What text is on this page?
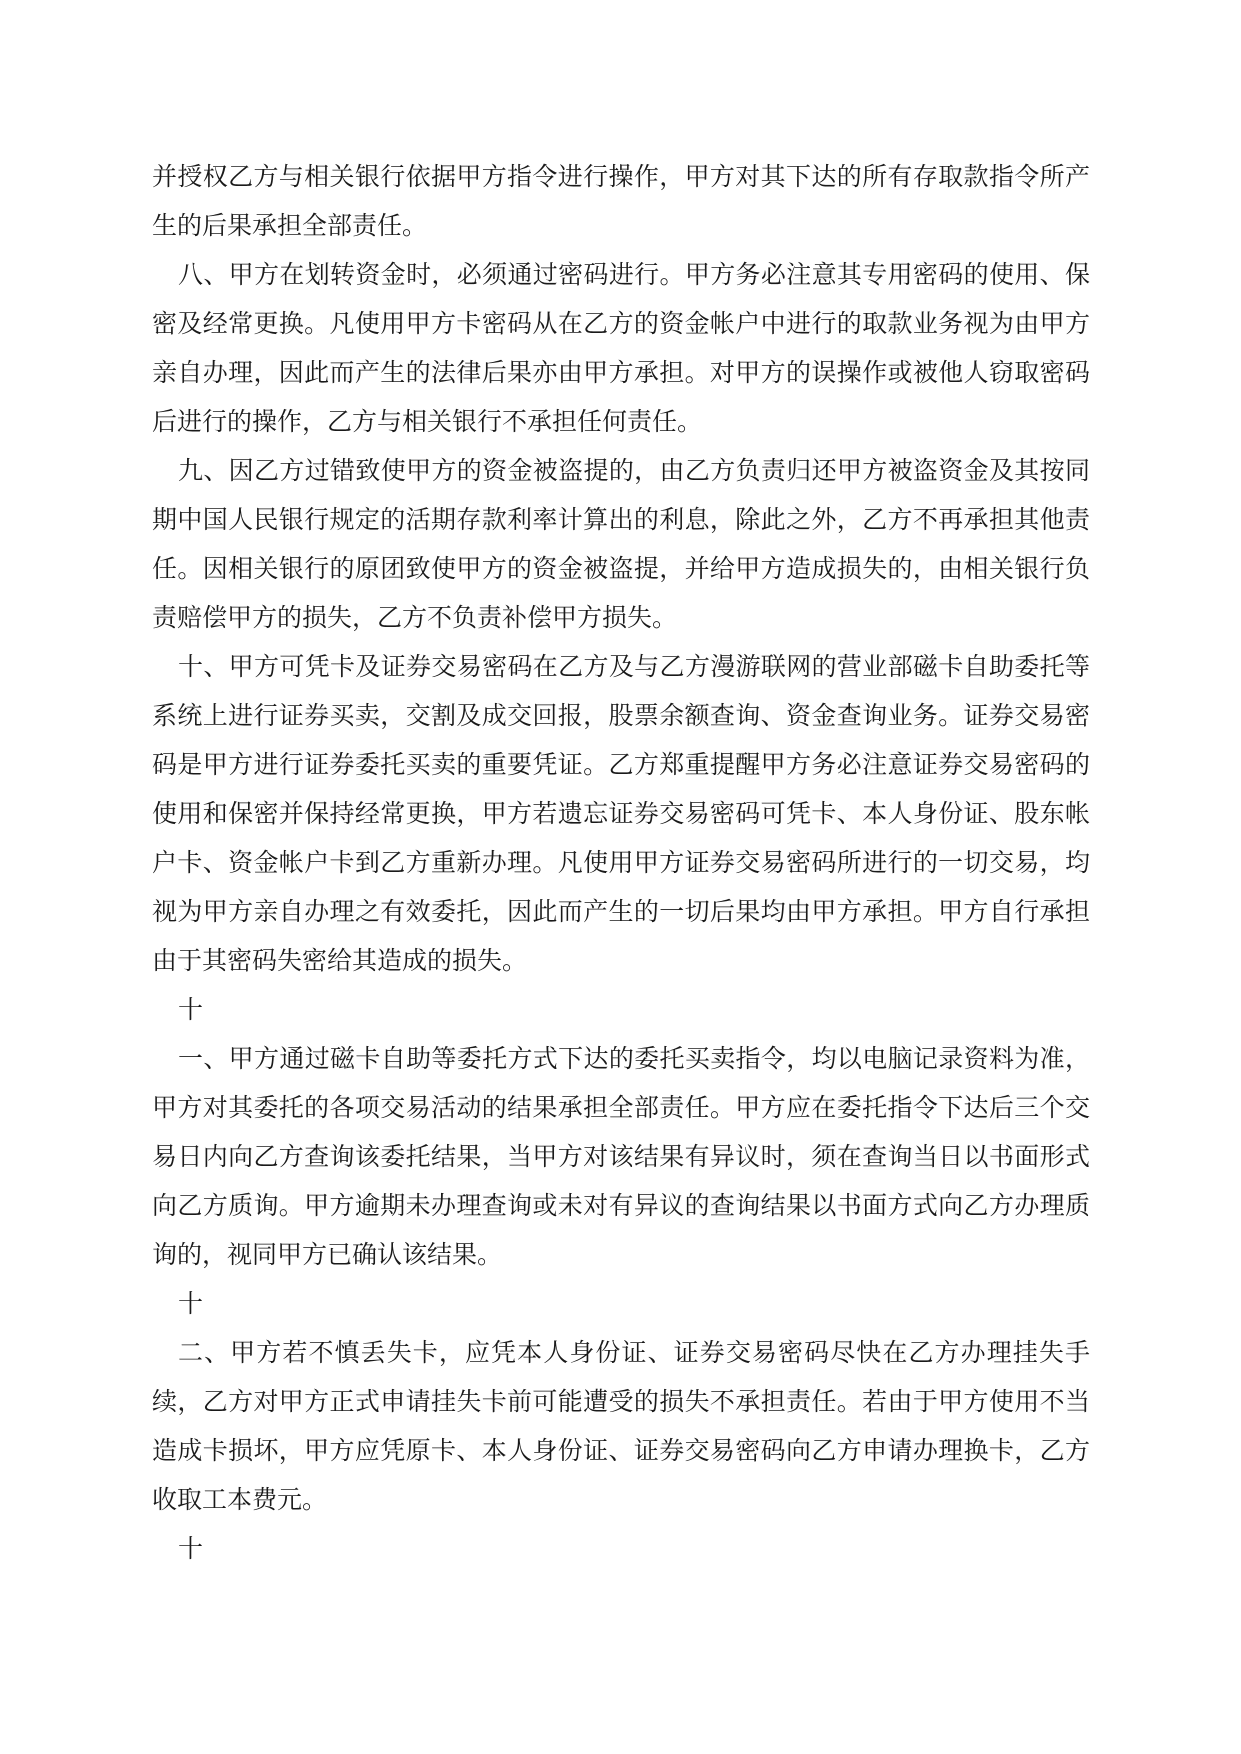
并授权乙方与相关银行依据甲方指令进行操作，甲方对其下达的所有存取款指令所产生的后果承担全部责任。

八、甲方在划转资金时，必须通过密码进行。甲方务必注意其专用密码的使用、保密及经常更换。凡使用甲方卡密码从在乙方的资金帐户中进行的取款业务视为由甲方亲自办理，因此而产生的法律后果亦由甲方承担。对甲方的误操作或被他人窃取密码后进行的操作，乙方与相关银行不承担任何责任。

九、因乙方过错致使甲方的资金被盗提的，由乙方负责归还甲方被盗资金及其按同期中国人民银行规定的活期存款利率计算出的利息，除此之外，乙方不再承担其他责任。因相关银行的原团致使甲方的资金被盗提，并给甲方造成损失的，由相关银行负责赔偿甲方的损失，乙方不负责补偿甲方损失。

十、甲方可凭卡及证券交易密码在乙方及与乙方漫游联网的营业部磁卡自助委托等系统上进行证券买卖，交割及成交回报，股票余额查询、资金查询业务。证券交易密码是甲方进行证券委托买卖的重要凭证。乙方郑重提醒甲方务必注意证券交易密码的使用和保密并保持经常更换，甲方若遗忘证券交易密码可凭卡、本人身份证、股东帐户卡、资金帐户卡到乙方重新办理。凡使用甲方证券交易密码所进行的一切交易，均视为甲方亲自办理之有效委托，因此而产生的一切后果均由甲方承担。甲方自行承担由于其密码失密给其造成的损失。

十

一、甲方通过磁卡自助等委托方式下达的委托买卖指令，均以电脑记录资料为准，甲方对其委托的各项交易活动的结果承担全部责任。甲方应在委托指令下达后三个交易日内向乙方查询该委托结果，当甲方对该结果有异议时，须在查询当日以书面形式向乙方质询。甲方逾期未办理查询或未对有异议的查询结果以书面方式向乙方办理质询的，视同甲方已确认该结果。

十

二、甲方若不慎丢失卡，应凭本人身份证、证券交易密码尽快在乙方办理挂失手续，乙方对甲方正式申请挂失卡前可能遭受的损失不承担责任。若由于甲方使用不当造成卡损坏，甲方应凭原卡、本人身份证、证券交易密码向乙方申请办理换卡，乙方收取工本费元。

十
